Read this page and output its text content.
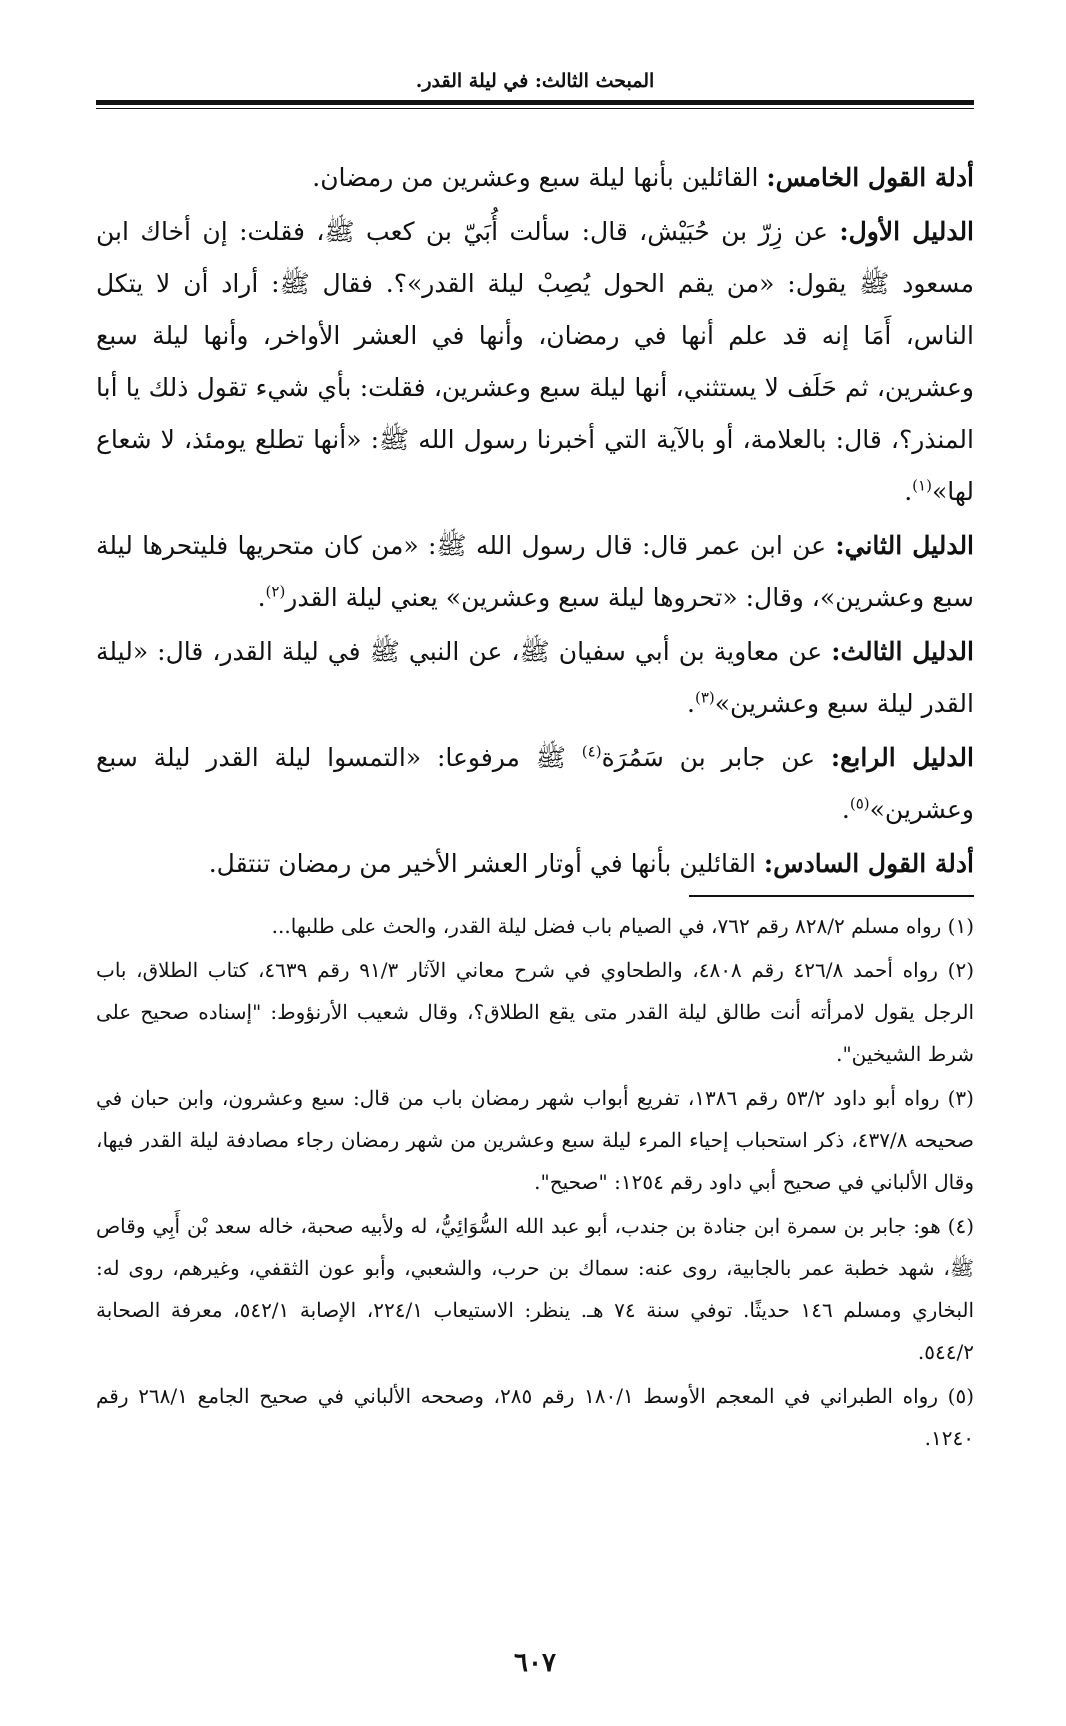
المبحث الثالث: في ليلة القدر.

أدلة القول الخامس: القائلين بأنها ليلة سبع وعشرين من رمضان.

الدليل الأول: عن زِرّ بن حُبَيْش، قال: سألت أُبَيّ بن كعب ﷺ، فقلت: إن أخاك ابن مسعود ﷺ يقول: «من يقم الحول يُصِبْ ليلة القدر»؟. فقال ﷺ: أراد أن لا يتكل الناس، أَمَا إنه قد علم أنها في رمضان، وأنها في العشر الأواخر، وأنها ليلة سبع وعشرين، ثم حَلَف لا يستثني، أنها ليلة سبع وعشرين، فقلت: بأي شيء تقول ذلك يا أبا المنذر؟، قال: بالعلامة، أو بالآية التي أخبرنا رسول الله ﷺ: «أنها تطلع يومئذ، لا شعاع لها»$^{(١)}$.

الدليل الثاني: عن ابن عمر قال: قال رسول الله ﷺ: «من كان متحريها فليتحرها ليلة سبع وعشرين»، وقال: «تحروها ليلة سبع وعشرين» يعني ليلة القدر$^{(٢)}$.

الدليل الثالث: عن معاوية بن أبي سفيان ﷺ، عن النبي ﷺ في ليلة القدر، قال: «ليلة القدر ليلة سبع وعشرين»$^{(٣)}$.

الدليل الرابع: عن جابر بن سَمُرَة$^{(٤)}$ ﷺ مرفوعا: «التمسوا ليلة القدر ليلة سبع وعشرين»$^{(٥)}$.

أدلة القول السادس: القائلين بأنها في أوتار العشر الأخير من رمضان تنتقل.

(١) رواه مسلم ٨٢٨/٢ رقم ٧٦٢، في الصيام باب فضل ليلة القدر، والحث على طلبها...

(٢) رواه أحمد ٤٢٦/٨ رقم ٤٨٠٨، والطحاوي في شرح معاني الآثار ٩١/٣ رقم ٤٦٣٩، كتاب الطلاق، باب الرجل يقول لامرأته أنت طالق ليلة القدر متى يقع الطلاق؟، وقال شعيب الأرنؤوط: "إسناده صحيح على شرط الشيخين".

(٣) رواه أبو داود ٥٣/٢ رقم ١٣٨٦، تفريع أبواب شهر رمضان باب من قال: سبع وعشرون، وابن حبان في صحيحه ٤٣٧/٨، ذكر استحباب إحياء المرء ليلة سبع وعشرين من شهر رمضان رجاء مصادفة ليلة القدر فيها، وقال الألباني في صحيح أبي داود رقم ١٢٥٤: "صحيح".

(٤) هو: جابر بن سمرة ابن جنادة بن جندب، أبو عبد الله السُّوَائِيُّ، له ولأبيه صحبة، خاله سعد بْن أَبِي وقاص ﷺ، شهد خطبة عمر بالجابية، روى عنه: سماك بن حرب، والشعبي، وأبو عون الثقفي، وغيرهم، روى له: البخاري ومسلم ١٤٦ حديثًا. توفي سنة ٧٤ هـ. ينظر: الاستيعاب ٢٢٤/١، الإصابة ٥٤٢/١، معرفة الصحابة ٥٤٤/٢.

(٥) رواه الطبراني في المعجم الأوسط ١٨٠/١ رقم ٢٨٥، وصححه الألباني في صحيح الجامع ٢٦٨/١ رقم ١٢٤٠.

٦٠٧
